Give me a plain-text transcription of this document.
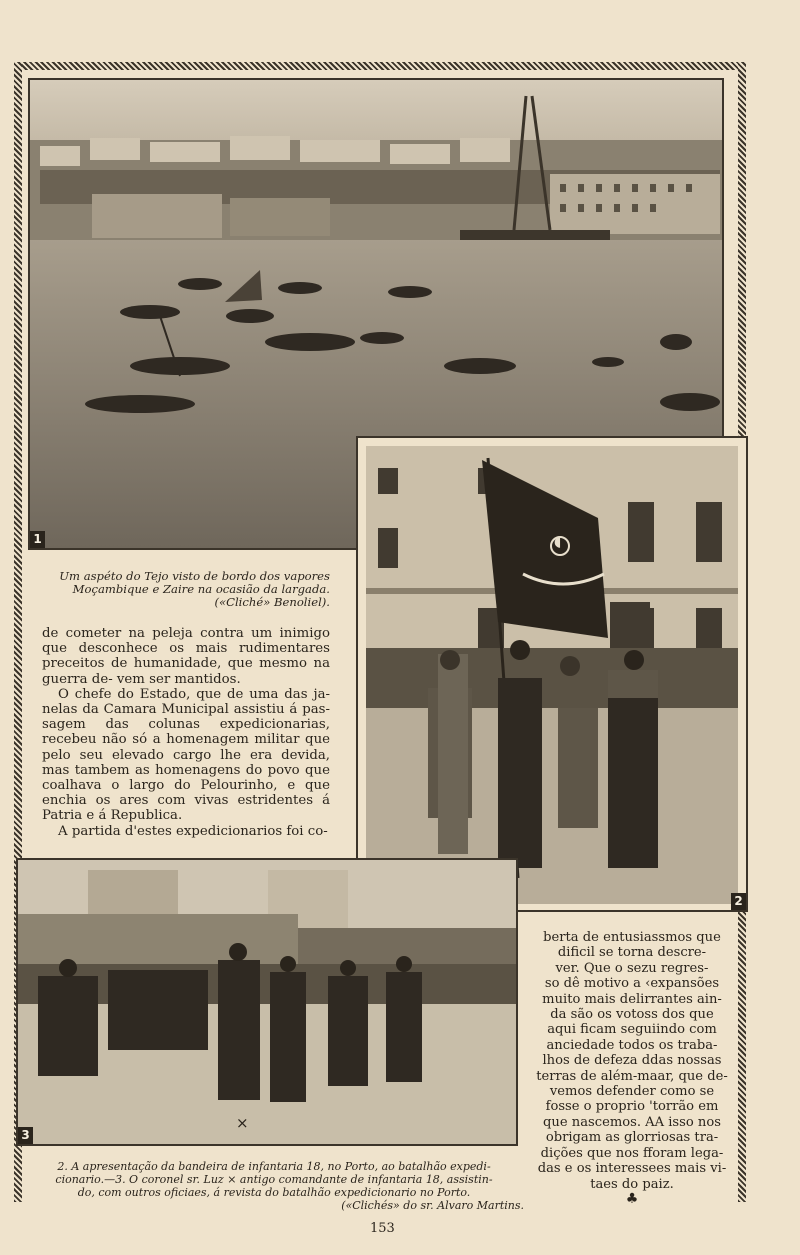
1
Um aspéto do Tejo visto de bordo dos vapores
Moçambique e Zaire na ocasião da largada.
(«Cliché» Benoliel).
◖
2

de cometer na peleja contra um inimigo que desconhece os mais rudimentares preceitos de humanidade, que mesmo na guerra de- vem ser mantidos.

O chefe do Estado, que de uma das ja- nelas da Camara Municipal assistiu á pas- sagem das colunas expedicionarias, recebeu não só a homenagem militar que pelo seu elevado cargo lhe era devida, mas tambem as homenagens do povo que coalhava o largo do Pelourinho, e que enchia os ares com vivas estridentes á Patria e á Republica.

A partida d'estes expedicionarios foi co-

×
3
berta de entusiassmos que
dificil se torna descre-
ver. Que o sezu regres-
so dê motivo a ‹expansões
muito mais delirrantes ain-
da são os votoss dos que
aqui ficam seguiindo com
anciedade todos os traba-
lhos de defeza ddas nossas
terras de além-maar, que de-
vemos defender como se
fosse o proprio 'torrão em
que nascemos. AA isso nos
obrigam as glorriosas tra-
dições que nos fforam lega-
das e os interessees mais vi-
taes do paiz.
♣
2. A apresentação da bandeira de infantaria 18, no Porto, ao batalhão expedi-
cionario.—3. O coronel sr. Luz × antigo comandante de infantaria 18, assistin-
do, com outros oficiaes, á revista do batalhão expedicionario no Porto.
(«Clichés» do sr. Alvaro Martins.
153
